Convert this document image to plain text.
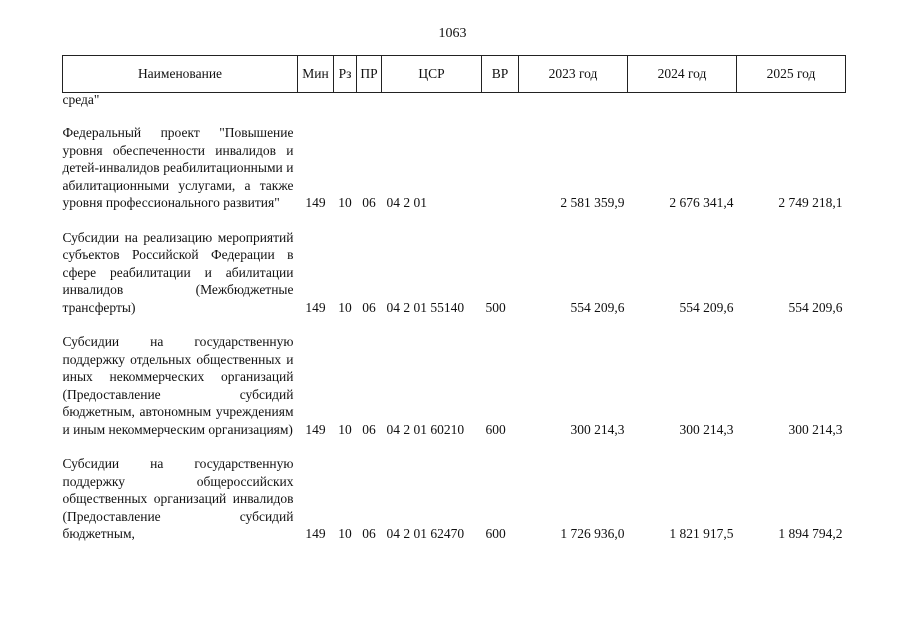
1063
Наименование	Мин	Рз	ПР	ЦСР	ВР	2023 год	2024 год	2025 год
среда"								

Федеральный проект "Повышение уровня обеспеченности инвалидов и детей-инвалидов реабилитационными и абилитационными услугами, а также уровня профессионального развития"	149	10	06	04 2 01		2 581 359,9	2 676 341,4	2 749 218,1

Субсидии на реализацию мероприятий субъектов Российской Федерации в сфере реабилитации и абилитации инвалидов (Межбюджетные трансферты)	149	10	06	04 2 01 55140	500	554 209,6	554 209,6	554 209,6

Субсидии на государственную поддержку отдельных общественных и иных некоммерческих организаций (Предоставление субсидий бюджетным, автономным учреждениям и иным некоммерческим организациям)	149	10	06	04 2 01 60210	600	300 214,3	300 214,3	300 214,3

Субсидии на государственную поддержку общероссийских общественных организаций инвалидов (Предоставление субсидий бюджетным,	149	10	06	04 2 01 62470	600	1 726 936,0	1 821 917,5	1 894 794,2
